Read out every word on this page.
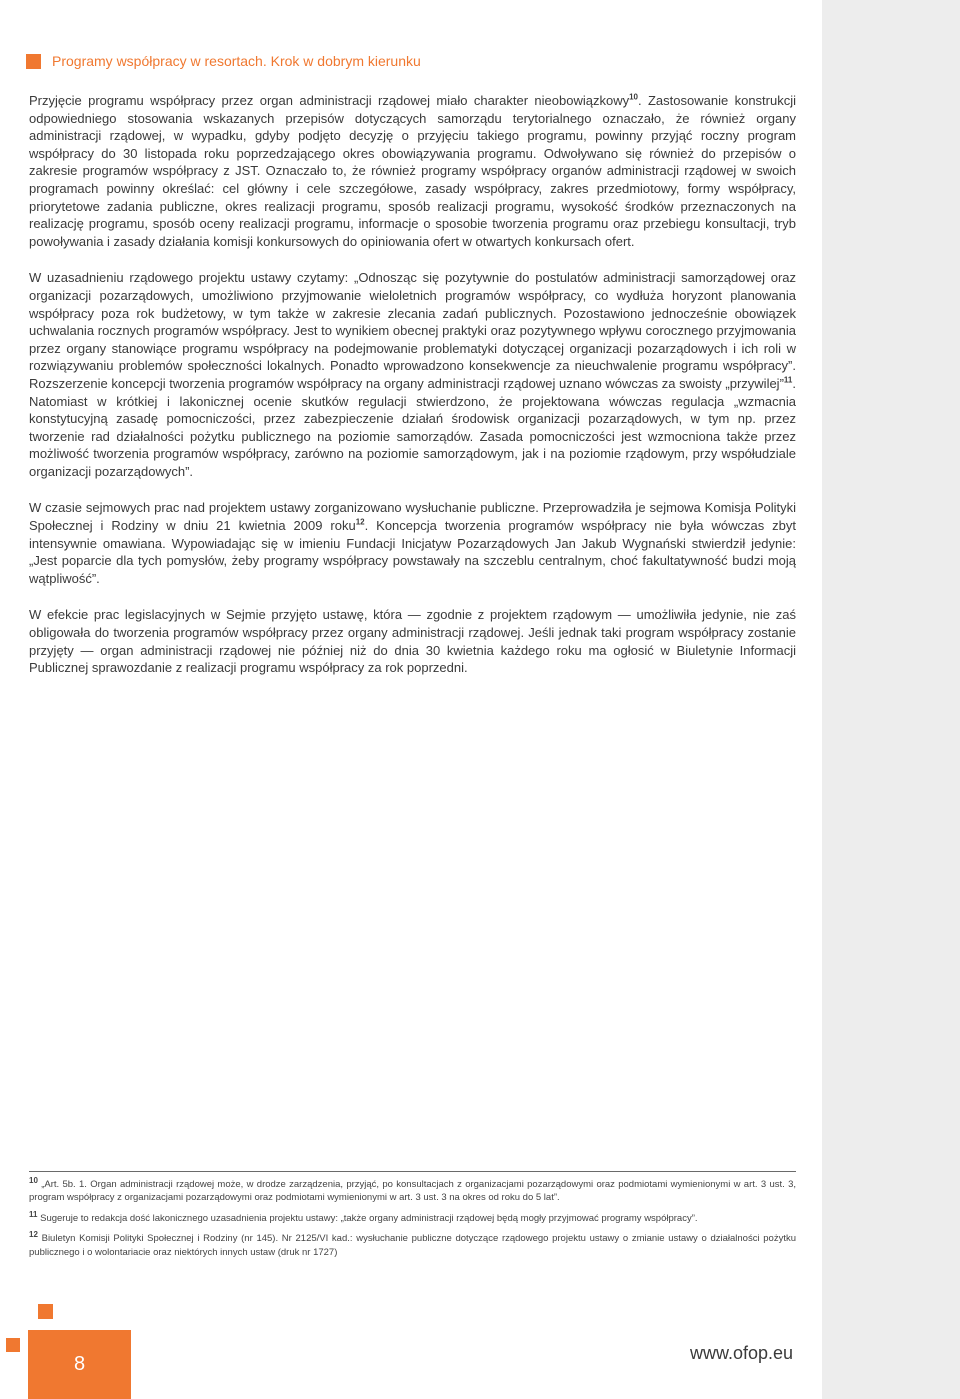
Programy współpracy w resortach. Krok w dobrym kierunku

Przyjęcie programu współpracy przez organ administracji rządowej miało charakter nieobowiązkowy$^{10}$. Zastosowanie konstrukcji odpowiedniego stosowania wskazanych przepisów dotyczących samorządu terytorialnego oznaczało, że również organy administracji rządowej, w wypadku, gdyby podjęto decyzję o przyjęciu takiego programu, powinny przyjąć roczny program współpracy do 30 listopada roku poprzedzającego okres obowiązywania programu. Odwoływano się również do przepisów o zakresie programów współpracy z JST. Oznaczało to, że również programy współpracy organów administracji rządowej w swoich programach powinny określać: cel główny i cele szczegółowe, zasady współpracy, zakres przedmiotowy, formy współpracy, priorytetowe zadania publiczne, okres realizacji programu, sposób realizacji programu, wysokość środków przeznaczonych na realizację programu, sposób oceny realizacji programu, informacje o sposobie tworzenia programu oraz przebiegu konsultacji, tryb powoływania i zasady działania komisji konkursowych do opiniowania ofert w otwartych konkursach ofert.

W uzasadnieniu rządowego projektu ustawy czytamy: „Odnosząc się pozytywnie do postulatów administracji samorządowej oraz organizacji pozarządowych, umożliwiono przyjmowanie wieloletnich programów współpracy, co wydłuża horyzont planowania współpracy poza rok budżetowy, w tym także w zakresie zlecania zadań publicznych. Pozostawiono jednocześnie obowiązek uchwalania rocznych programów współpracy. Jest to wynikiem obecnej praktyki oraz pozytywnego wpływu corocznego przyjmowania przez organy stanowiące programu współpracy na podejmowanie problematyki dotyczącej organizacji pozarządowych i ich roli w rozwiązywaniu problemów społeczności lokalnych. Ponadto wprowadzono konsekwencje za nieuchwalenie programu współpracy”. Rozszerzenie koncepcji tworzenia programów współpracy na organy administracji rządowej uznano wówczas za swoisty „przywilej”$^{11}$. Natomiast w krótkiej i lakonicznej ocenie skutków regulacji stwierdzono, że projektowana wówczas regulacja „wzmacnia konstytucyjną zasadę pomocniczości, przez zabezpieczenie działań środowisk organizacji pozarządowych, w tym np. przez tworzenie rad działalności pożytku publicznego na poziomie samorządów. Zasada pomocniczości jest wzmocniona także przez możliwość tworzenia programów współpracy, zarówno na poziomie samorządowym, jak i na poziomie rządowym, przy współudziale organizacji pozarządowych”.

W czasie sejmowych prac nad projektem ustawy zorganizowano wysłuchanie publiczne. Przeprowadziła je sejmowa Komisja Polityki Społecznej i Rodziny w dniu 21 kwietnia 2009 roku$^{12}$. Koncepcja tworzenia programów współpracy nie była wówczas zbyt intensywnie omawiana. Wypowiadając się w imieniu Fundacji Inicjatyw Pozarządowych Jan Jakub Wygnański stwierdził jedynie: „Jest poparcie dla tych pomysłów, żeby programy współpracy powstawały na szczeblu centralnym, choć fakultatywność budzi moją wątpliwość”.

W efekcie prac legislacyjnych w Sejmie przyjęto ustawę, która — zgodnie z projektem rządowym — umożliwiła jedynie, nie zaś obligowała do tworzenia programów współpracy przez organy administracji rządowej. Jeśli jednak taki program współpracy zostanie przyjęty — organ administracji rządowej nie później niż do dnia 30 kwietnia każdego roku ma ogłosić w Biuletynie Informacji Publicznej sprawozdanie z realizacji programu współpracy za rok poprzedni.

$^{10}$ „Art. 5b. 1. Organ administracji rządowej może, w drodze zarządzenia, przyjąć, po konsultacjach z organizacjami pozarządowymi oraz podmiotami wymienionymi w art. 3 ust. 3, program współpracy z organizacjami pozarządowymi oraz podmiotami wymienionymi w art. 3 ust. 3 na okres od roku do 5 lat”.

$^{11}$ Sugeruje to redakcja dość lakonicznego uzasadnienia projektu ustawy: „także organy administracji rządowej będą mogły przyjmować programy współpracy”.

$^{12}$ Biuletyn Komisji Polityki Społecznej i Rodziny (nr 145). Nr 2125/VI kad.: wysłuchanie publiczne dotyczące rządowego projektu ustawy o zmianie ustawy o działalności pożytku publicznego i o wolontariacie oraz niektórych innych ustaw (druk nr 1727)

8	www.ofop.eu
